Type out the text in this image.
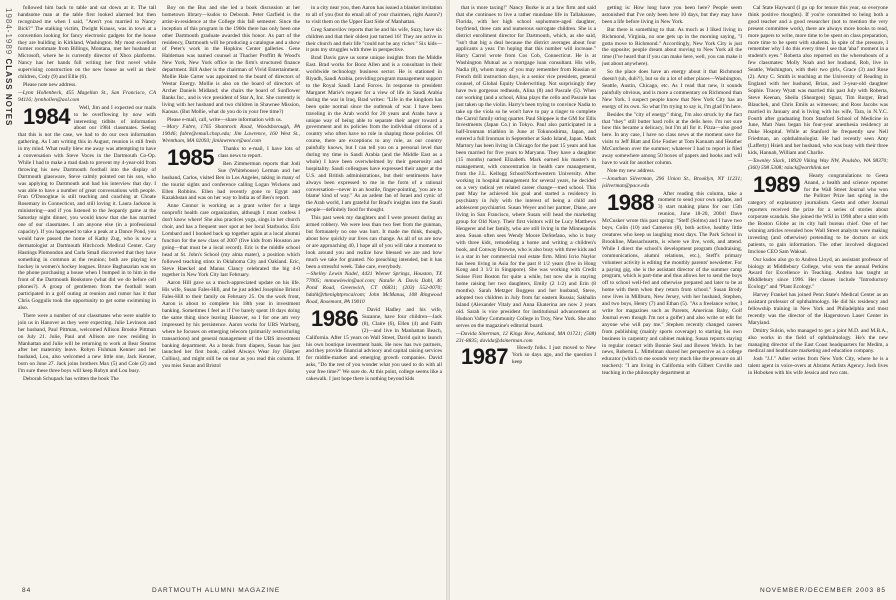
1984-1989 CLASS NOTES

followed him back to table and sat down at it. The tall handsome man at the table first looked alarmed but then recognized me when I said, "Aren't you married to Nancy Bick?" The stalking victim, Dwight Krauss, was in town at a convention looking for fancy electronic gadgets for the house they are building in Kirkland, Washington. My most excellent former roommate from Billings, Montana, met her husband at Microsoft, where he is currently director of Xbox platforms. Nancy has her hands full writing her first novel while supervising construction on the new house as well as their children, Cody (9) and Ellie (6).

Please note new address.

—Lynn Hollenbeck, 455 Magellan St., San Francisco, CA 94116; lynnhollen@aol.com

1984 Well, Jim and I expected our mails to be overflowing by now with interesting tidbits of information about our 1984 classmates. Seeing that this is not the case, we had to do our own information gathering. As I am writing this in August, reunion is still fresh in my mind. What really blew me away was attempting to have a conversation with Steve Voces in the Dartmouth Co-Op. While I had to make a mad dash to prevent my 4-year-old from throwing his new Dartmouth football into the display of Dartmouth glassware, Steve calmly pointed out his son, who was applying to Dartmouth and had his interview that day. I was able to have a number of great conversations with people. Fran O'Donoghue is still teaching and coaching at Choate Rosemary in Connecticut, and still loving it. Laura Jackson is ministering—and if you listened to the Jeopardy game at the Saturday night dinner, you would know that she has married one of our classmates. I am anyone else (in a professional capacity). If you happened to take a peak at a Dance Pond, you would have passed the home of Kathy Zug, who is now a dermatologist at Dartmouth Hitchcock Medical Center. Cary Hastings Plomondon and Carla Small discovered that they have something in common at the reunion; both are playing ice hockey in women's hockey leagues. Bruce Baghasarian was on the phone purchasing a house when I bumped in to him in the front of the Dartmouth Bookstore (what did we do before cell phones?). A group of gentlemen from the football team participated in a golf outing at reunion and rumor has it that Chris Goggulis took the opportunity to get some swimming in also.

There were a number of our classmates who were unable to join us in Hanover as they were expecting. Julie Levinson and her husband, Paul Pittman, welcomed Allison Brooke Pittman on July 21. Julie, Paul and Allison are now residing in Manhattan and Julie will be returning to work at Bear Stearns after her maternity leave. Robyn Fishman Kenner and her husband, Lou, also welcomed a new little one, Jack Kenner, born on June 27. Jack joins brothers Max (5) and Cole (2) and I'm sure these three boys will keep Robyn and Lou busy.

Deborah Schupack has written the book The

Boy on the Bus and she led a book discussion at her hometown library—kudos to Deborah. Peter Garfield is the artist-in-residence at the College this fall semester. Since the inception of this program in the 1960s there has only been one other Dartmouth graduate awarded this honor. As part of the residency, Dartmouth will be producing a catalogue and a show of Peter's work in the Hopkins Center galleries. Gene Haldeman was named counsel at Thacher Proffitt & Wood's New York, New York office in the firm's structured finance department. Bill Asher is the chairman of Vivid Entertainment. Mollie Hale Carter was appointed to the board of directors of Westar Energy. Mollie is also on the board of directors of Archer Daniels Midland; she chairs the board of Sunflower Banks Inc., and is vice president of Star A, Inc. She currently is living with her husband and two children in Shawnee Mission, Kansas. (But Mollie, what do you do in your free time?)

Please e-mail, call, write—share information with us.

—Mary Fabre, 1765 Shamrock Road, Woodsborough, PA 19046; fabre@email.chop.edu; Jim Lawrence, 160 West St., Wrentham, MA 02093; jimlawrence@aol.com

1985 Thanks to e-mail, I have lots of class news to report.

Ben Zimmerman reports that Jodi Sue (Whitehouse) Lerman and her husband, Carlos, visited Ben in Los Angeles, taking in many of the tourist sights and conference calling Logan Wickens and Ellen Robbins. Ellen had recently gone to Egypt and Kazakhstan and was on her way to India as of Ben's report.

Anne Connor is working as a grant writer for a large nonprofit health care organization, although I must confess I don't know where! She also practices yoga, sings in her church choir, and has a frequent user spot at her local Starbucks. Eric Lombard and I hooked back up together again at a local alumni function for the new class of 2007 (five kids from Houston are going—that must be a local record). Eric is the middle school head at St. John's School (my alma mater), a position which followed teaching stints in Oklahoma City and Oakland. Eric, Steve Haeckel and Manus Clancy celebrated the big 4-0 together in New York City last February.

Aaron Hill gave us a much-appreciated update on his life. His wife, Susan Fales-Hill, and he just added Josephine Bristol Fales-Hill to their family on February 25. On the work front, Aaron is about to complete his 18th year in investment banking. Sometimes I feel as if I've barely spent 18 days doing the same thing since leaving Hanover, so I for one am very impressed by his persistence. Aaron works for UBS Warburg, where he focuses on emerging telecom (primarily restructuring transactions) and general management of the UBS investment banking department. As a break from diapers, Susan has just launched her first book, called Always Wear Joy (Harper Collins), and might still be on tour as you read this column. If you miss Susan and Bristol

in a city near you, then Aaron has issued a blanket invitation to all of you (but do email all of your chairmen, right Aaron?) to visit them on the Upper East Side of Manhattan.

Greg Samovilov reports that he and his wife, Suzy, have six children and that their oldest just turned 16! They are active in their church and their life "could not be any richer." Six kids—it puts my struggles with three in perspective.

Brad Davis gave us some unique insights from the Middle East. Brad works for Booz Allen and is a consultant in their worldwide technology business sector. He is stationed in Riyadh, Saudi Arabia, providing program management support to the Royal Saudi Land Forces. In response to president Margaret Marie's request for a view of life in Saudi Arabia during the war in Iraq, Brad writes: "Life in the kingdom has been quite normal since the outbreak of war. I have been traveling in the Arab world for 20 years and Arabs have a unique way of being able to separate their anger toward a government and its policies from the individual citizens of a country who often have no role in shaping those policies. Of course, there are exceptions to any rule, as our country painfully knows, but I can tell you on a personal level that during my time in Saudi Arabia (and the Middle East as a whole) I have been overwhelmed by their generosity and hospitality. Saudi colleagues have expressed their anger at the U.S. and British administrations, but their sentiments have always been expressed to me in the form of a rational conversation—never in an hostile, finger-pointing, 'you are to blame' kind of way." As an ardent fan of Israel and cynic of the Arab world, I am grateful for Brad's insights into the Saudi people—definitely food for thought.

This past week my daughters and I were present during an armed robbery. We were less than two feet from the gunman, but fortunately no one was hurt. It made me think, though, about how quickly our lives can change. As all of us are now or are approaching 40, I hope all of you will take a moment to look around you and realize how blessed we are and how much we take for granted. No preaching intended, but it has been a stressful week. Take care, everybody.

—Shelley Lewin Nadel, 4431 Wiener Springs, Houston, TX 77005; mnnawlewin@aol.com; Natalie A. Davis Dahl, 46 Pond Road, Greenwich, CT 06831; (203) 552-0070; hdahl@thenightprocalcom; John McManus, 108 Ringwood Road, Rosemont, PA 19010

1986 David Hadley and his wife, Suzanne, have four children—Jack (8), Claire (6), Ellen (4) and Faith (2)—and live in Manhattan Beach, California. After 15 years on Wall Street, David quit to launch his own boutique investment bank. He now has two partners, and they provide financial advisory and capital raising services for middle-market and emerging growth companies. David asks, "Do the rest of you wonder what you used to do with all your free time?" We sure do. At this point, college seems like a cakewalk. I just hope there is nothing beyond kids

that is more taxing!" Nancy Burke is at a law firm and said that she continues to live a rather mundane life in Tallahassee, Florida, with her high school sophomore-aged daughter, boyfriend, three cats and numerous surrogate children. She is a district enrollment director for Dartmouth, which, as she said, "isn't that big a deal because the district averages about four applicants a year. I'm hoping that this number will increase." Harry Carrol wrote from Cos Cob, Connecticut. He is at Washington Mutual as a mortgage loan consultant. His wife, Nadia (8), whom many of you may remember from Russian or French drill instruction days, is a senior vice president, general counsel, of Global Equity Underwriting. Not surprisingly they have two gorgeous redheads, Alina (8) and Pascale (5). When not working (and a school, Alina plays the cello and Pascale has just taken up the violin. Harry's been trying to convince Nadia to take up the viola so he won't have to pay a ringer to complete the Carrol family string quartet. Paul Shippee is the GM for Ellis Investments (Japan Co.) in Tokyo. Paul also participated in a half-Ironman triathlon in June at Tokunoshima, Japan, and entered a full Ironman in September at Sado Island, Japan. Mark Martory has been living in Chicago for the past 15 years and has been married for five years to Maryann. They have a daughter (15 months) named Elizabeth. Mark earned his master's in management, with concentration in health care management, from the J.L. Kellogg School/Northwestern University. After working in hospital management for several years, he decided on a very radical yet related career change—med school. This past May he achieved his goal and started a residency in psychiatry in July with the interest of being a child and adolescent psychiatrist. Susan Weyer and her partner, Diane, are living in San Francisco, where Susan will head the marketing group for Old Navy. Their first visitors will be Lucy Matthews Hengerer and her family, who are still living in the Minneapolis area. Susan often sees Wendy Moore DeStefano, who is busy with three kids, remodeling a home and writing a children's book, and Conway Browne, who is also busy with three kids and is a star in her commercial real estate firm. Mimi Icrio Naylor has been living in Asia for the past 8 1/2 years (five in Hong Kong and 3 1/2 in Singapore). She was working with Credit Suisse First Boston for quite a while, but now she is staying home raising her two daughters, Emily (2 1/2) and Erin (8 months). Sarah Metzger Boggess and her husband, Steve, adopted two children in July from far eastern Russia; Sakhalin Island (Alexander Vitaly and Anna Ekaterina are now 2 years old. Sarah is vice president for institutional advancement at Hudson Valley Community College in Troy, New York. She also serves on the magazine's editorial board.

—Davida Sinerman, 12 Kings Row, Ashland, MA 01721; (508) 231-8835; davida@dsinerman.com

1987 Howdy folks. I just moved to New York so days ago, and the question I keep

getting is: How long have you been here? People seem astonished that I've only been here 10 days, but they may have been a life before living in New York.

But there is something to that. As much as I liked living in Richmond, Virginia, no one gets up in the morning saying, "I gotta move to Richmond." Accordingly, New York City is just the opposite; people dream about moving to New York all the time (I've heard that if you can make here, well, you can make it just about anywhere).

So the place does have an energy about it that Richmond doesn't (uh, duh?!), but so do a lot of other places—Washington, Seattle, Austin, Chicago, etc. As I read that new, it sounds painfully obvious, and is more a commentary on Richmond than New York. I suspect people know that New York City has an energy of its own. So what I'm trying to say is, I'm glad I'm here.

Besides the "city of energy" thing, I'm also struck by the fact that "they" still butter hard rolls at the delis here. I'm not sure how this became a delicacy, but I'm all for it. Pizza—also good here. In any case, I have no class news at the moment save for visits to Jeff Blatt and Erie Fosher at Tom Kannam and Heather McCutcheon over the summer; whatever I had to report is filed away somewhere among 50 boxes of papers and books and will have to wait for another column.

Note my new address.

—Jonathan Silverman, 296 Union St., Brooklyn, NY 11231; jsilverman@pace.edu

1988 After reading this column, take a moment to send your own update, and 3) start making plans for our 15th reunion, June 18-20, 2004! Dave McCusker wrote this past spring: "Steff (Solms) and I have two boys, Colin (10) and Cameron (8), both active, healthy little creatures who keep us laughing most days. The Park School in Brookline, Massachusetts, is where we live, work, and attend. While I direct the school's development program (fundraising, communications, alumni relations, etc.), Steff's primary volunteer activity is editing the monthly parents' newsletter. For a paying gig, she is the assistant director of the summer camp program, which is part-time and thus allows her to send the boys off to school well-fed and otherwise prepared and later to be at home with them when they return from school." Susan Brody now lives in Millburn, New Jersey, with her husband, Stephen, and two boys, Henry (7) and Ethan (5). "As a freelance writer, I write for magazines such as Parents, American Baby, Golf Journal even though I'm not a golfer) and also write or edit for anyone who will pay me." Stephen recently changed careers from publishing (mainly sports coverage) to starting his own business in carpentry and cabinet making. Susan reports staying in regular contact with Bonnie Seal and Bowen Welch. In her news, Roberta L. Mittelman shared her perspective as a college educator (which to me sounds very much like the pressure on all teachers): "I am living in California with Gilbert Coville and teaching in the philosophy department at

Cal State Hayward (I go up for tenure this year, so everyone think positive thoughts). If you're committed to being both a good teacher and a good researcher (not to mention the very present committee work), there are always more books to read, more papers to write, more time to be spent on class preparation, more time to be spent with students. In spite of the pressure, I remember why I do this every time I see that 'aha!' moment in a student's eyes." Roberta also reported on the whereabouts of a few classmates: Molly Noah and her husband, Rob, live in Seattle, Washington, with their two girls, Grace (3) and Rose (2). Amy C. Smith is teaching at the University of Reading in England with her husband, Brian, and 3-year-old daughter Sophie. Tracey Wyatt was married this past July with Roberta, Steve Keenan, Sheila (Sheargen) Sguar, Tim Burger, Brad Blauchek, and Chris Emils as witnesses; and Ross Jacobs was married in January and is living with his wife, Tara, in N.Y.C. Fourth after graduating from Stanford School of Medicine in June, Matt Nass began his four-year anesthesia residency at Duke Hospital. While at Stanford he frequently saw Nell Friedman, an ophthalmologist. He had recently seen Amy (Lafferty) Hsieh and her husband, who was busy with their three kids, Hannah, William and Charlie.

—Tawnley Slack, 18920 Viking Way NW, Poulsbo, WA 98370; (360) 598 5308; tslack@earthlink.net

1989 Hearty congratulations to Geeta Anand, a health and science reporter for the Wall Street Journal who won the Pulitzer Prize last spring in the category of explanatory journalism. Geeta and other Journal reporters received the prize for a series of stories about corporate scandals. She joined the WSJ in 1998 after a stint with the Boston Globe as its city hall bureau chief. One of her winning articles revealed how Wall Street analysts were making investing (and otherwise) pretending to be doctors or sick patients, to gain information. The other involved disgraced Imclone CEO Sam Waksal.

Our kudos also go to Andrea Lloyd, an assistant professor of biology at Middlebury College, who won the annual Perkins Award for Excellence in Teaching. Andrea has taught at Middlebury since 1996. Her classes include "Introductory Ecology" and "Plant Ecology."

Harvey Frankel has joined Penn State's Medical Center as an assistant professor of ophthalmology. He did his residency and fellowship training in New York and Philadelphia and most recently was the director of the Hagerstown Laser Center in Maryland.

Dmitry Sulsin, who managed to get a joint M.D. and M.B.A., also works in the field of ophthalmology. He's the new managing director of the East Coast headquarters for Medim, a medical and healthcare marketing and education company.

Josh "J.J." Adler writes from New York City, where he is a talent agent in voice-overs at Abrams Artists Agency. Josh lives in Hoboken with his wife Jessica and two cats.

84	DARTMOUTH ALUMNI MAGAZINE	NOVEMBER/DECEMBER 2003 85
